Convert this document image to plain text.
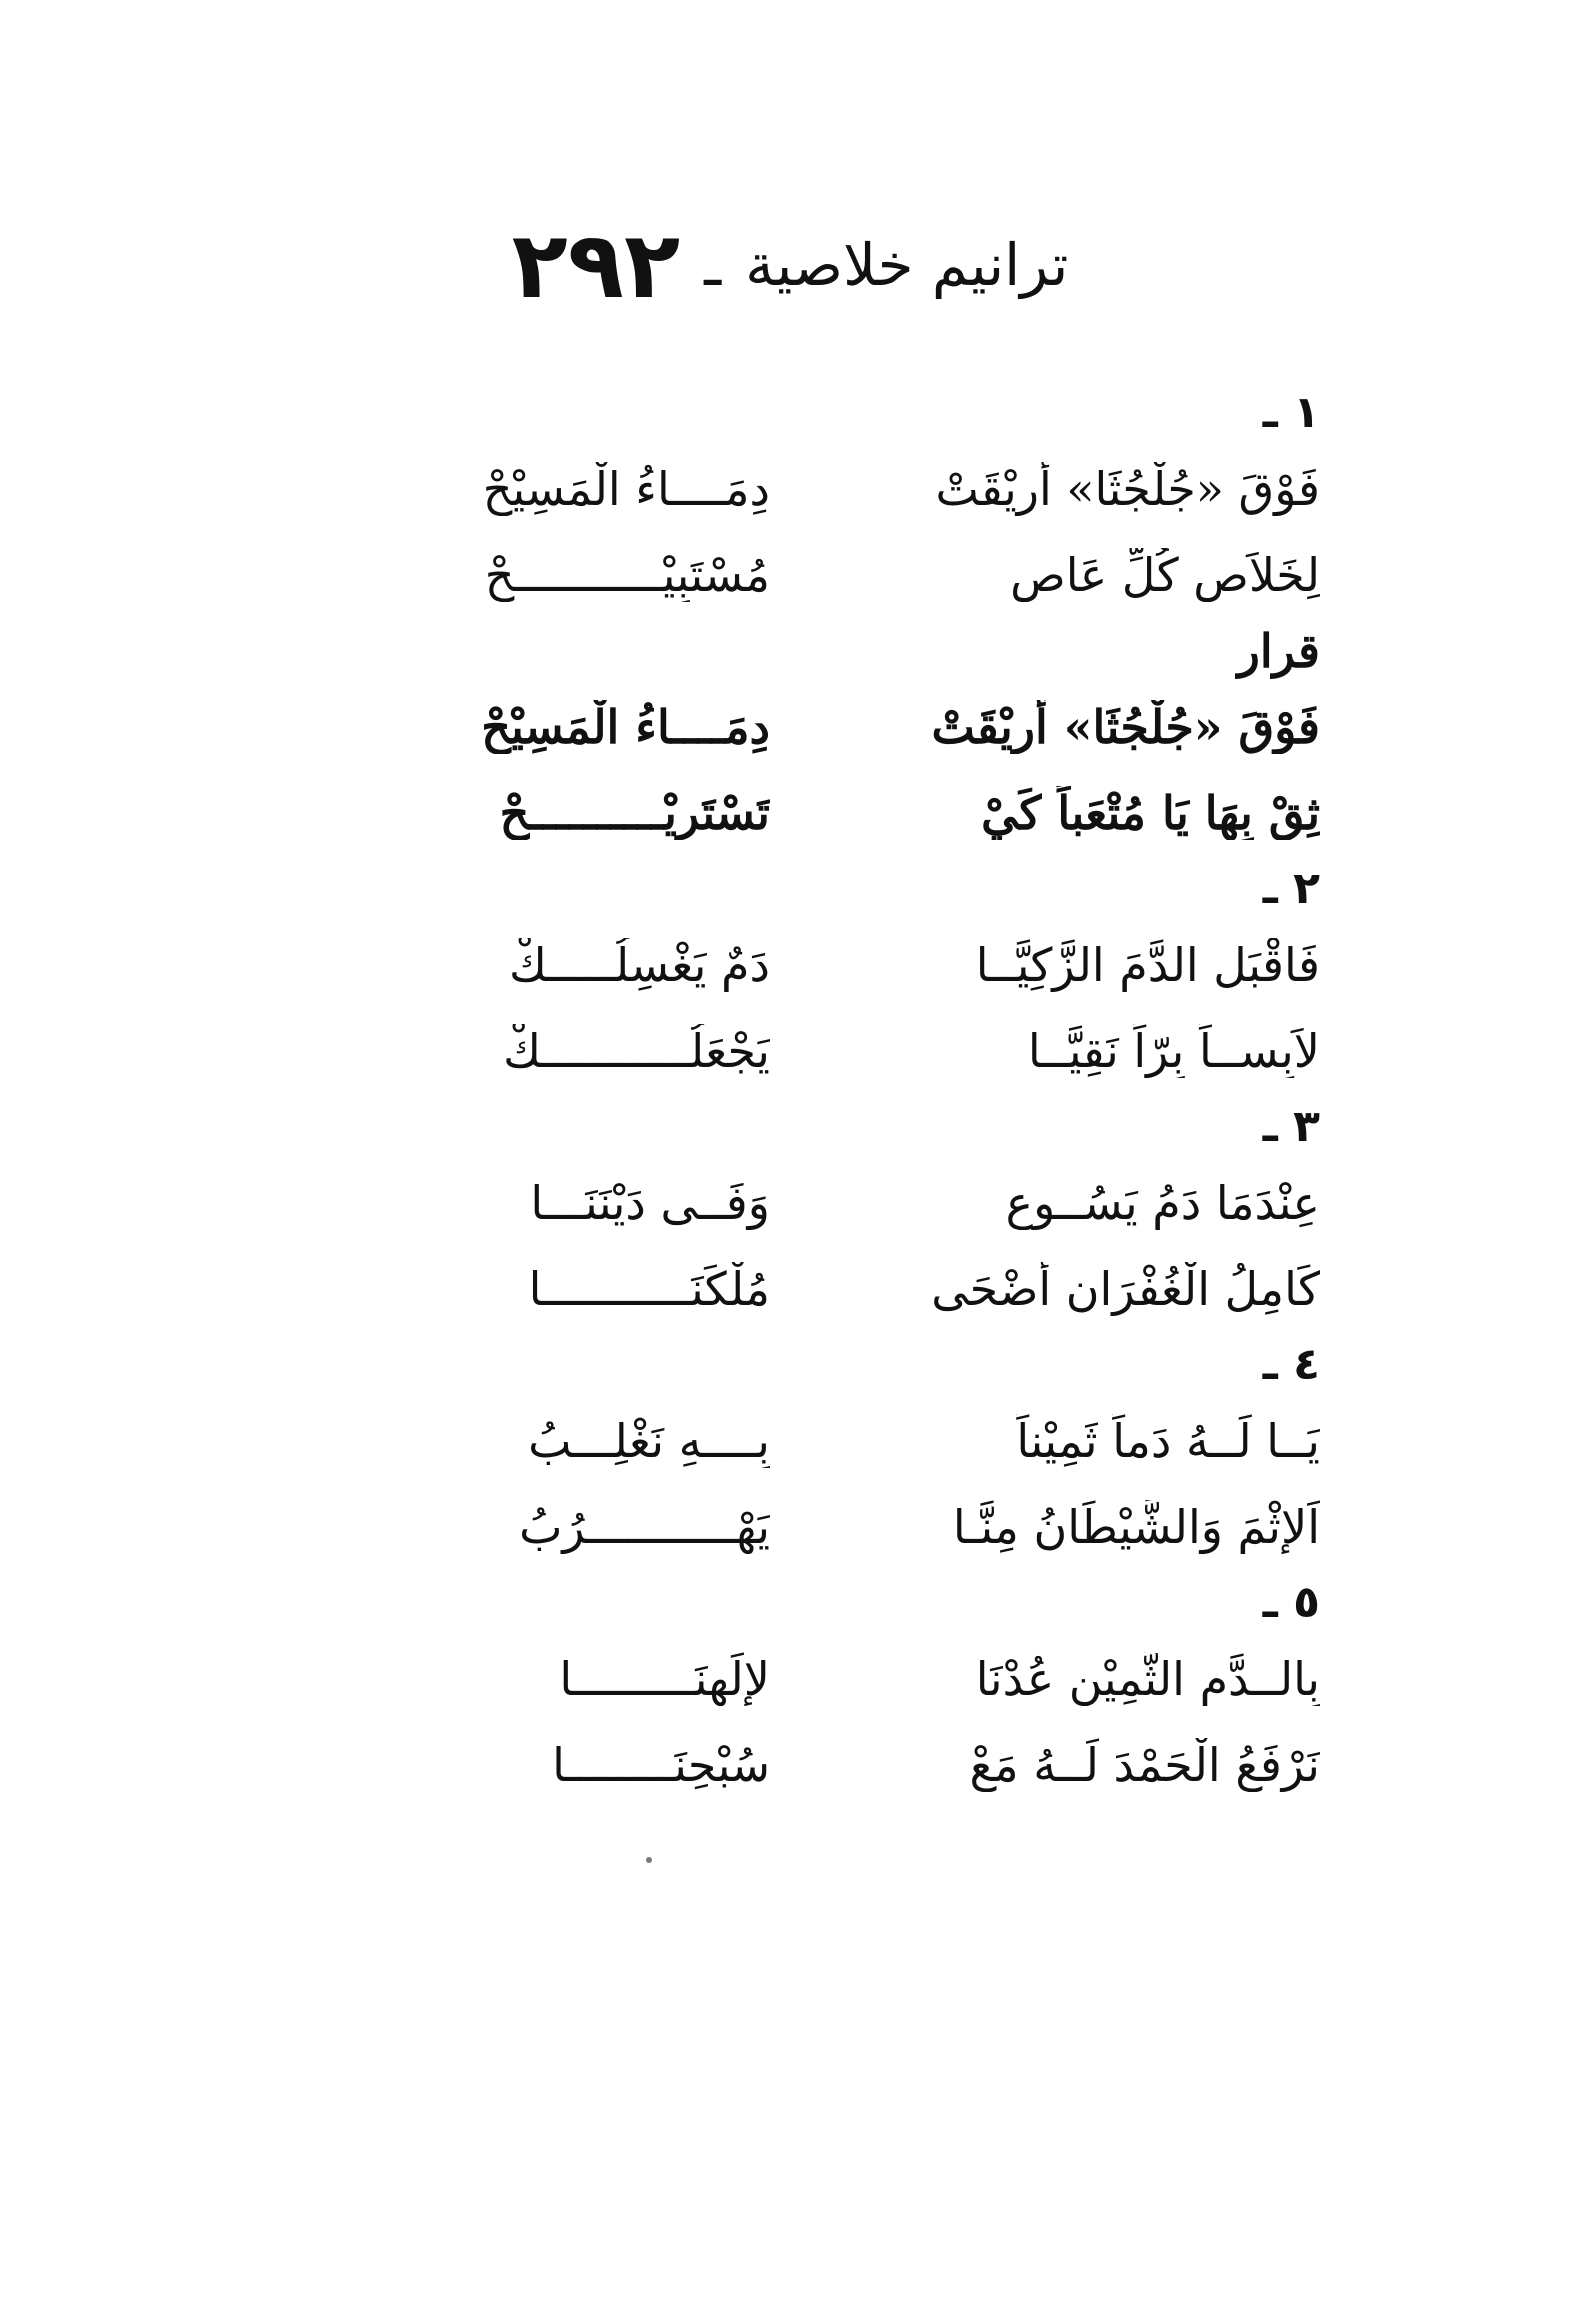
ترانيم خلاصية
ـ
٢٩٢
١ ـ
فَوْقَ «جُلْجُثَا» أُرِيْقَتْ
دِمَــــاءُ الْمَسِيْحْ
لِخَلاَصِ كُلِّ عَاصٍ
مُسْتَبِيْـــــــــــحْ
قرار
فَوْقَ «جُلْجُثَا» أُرِيْقَتْ
دِمَــــاءُ الْمَسِيْحْ
ثِقْ بِهَا يَا مُتْعَباً كَيْ
تَسْتَرِيْــــــــــحْ
٢ ـ
فَاقْبَلِ الدَّمَ الزَّكِيَّــا
دَمٌ يَغْسِلُـــــكْ
لاَبِســاً بِرّاً نَقِيَّــا
يَجْعَلُـــــــــــكْ
٣ ـ
عِنْدَمَا دَمُ يَسُــوعٍ
وَفَــى دَيْنَنَـــا
كَامِلُ الْغُفْرَانِ أَضْحَى
مُلْكَنَـــــــــــا
٤ ـ
يَــا لَــهُ دَماً ثَمِيْناً
بِــــهِ نَغْلِـــبُ
اَلإِثْمَ وَالشَّيْطَانُ مِنَّـا
يَهْـــــــــــرُبُ
٥ ـ
بِالــدَّمِ الثَّمِيْنِ عُدْنَا
لإِلَهِنَـــــــــا
نَرْفَعُ الْحَمْدَ لَــهُ مَعْ
سُبْحِنَــــــــا
